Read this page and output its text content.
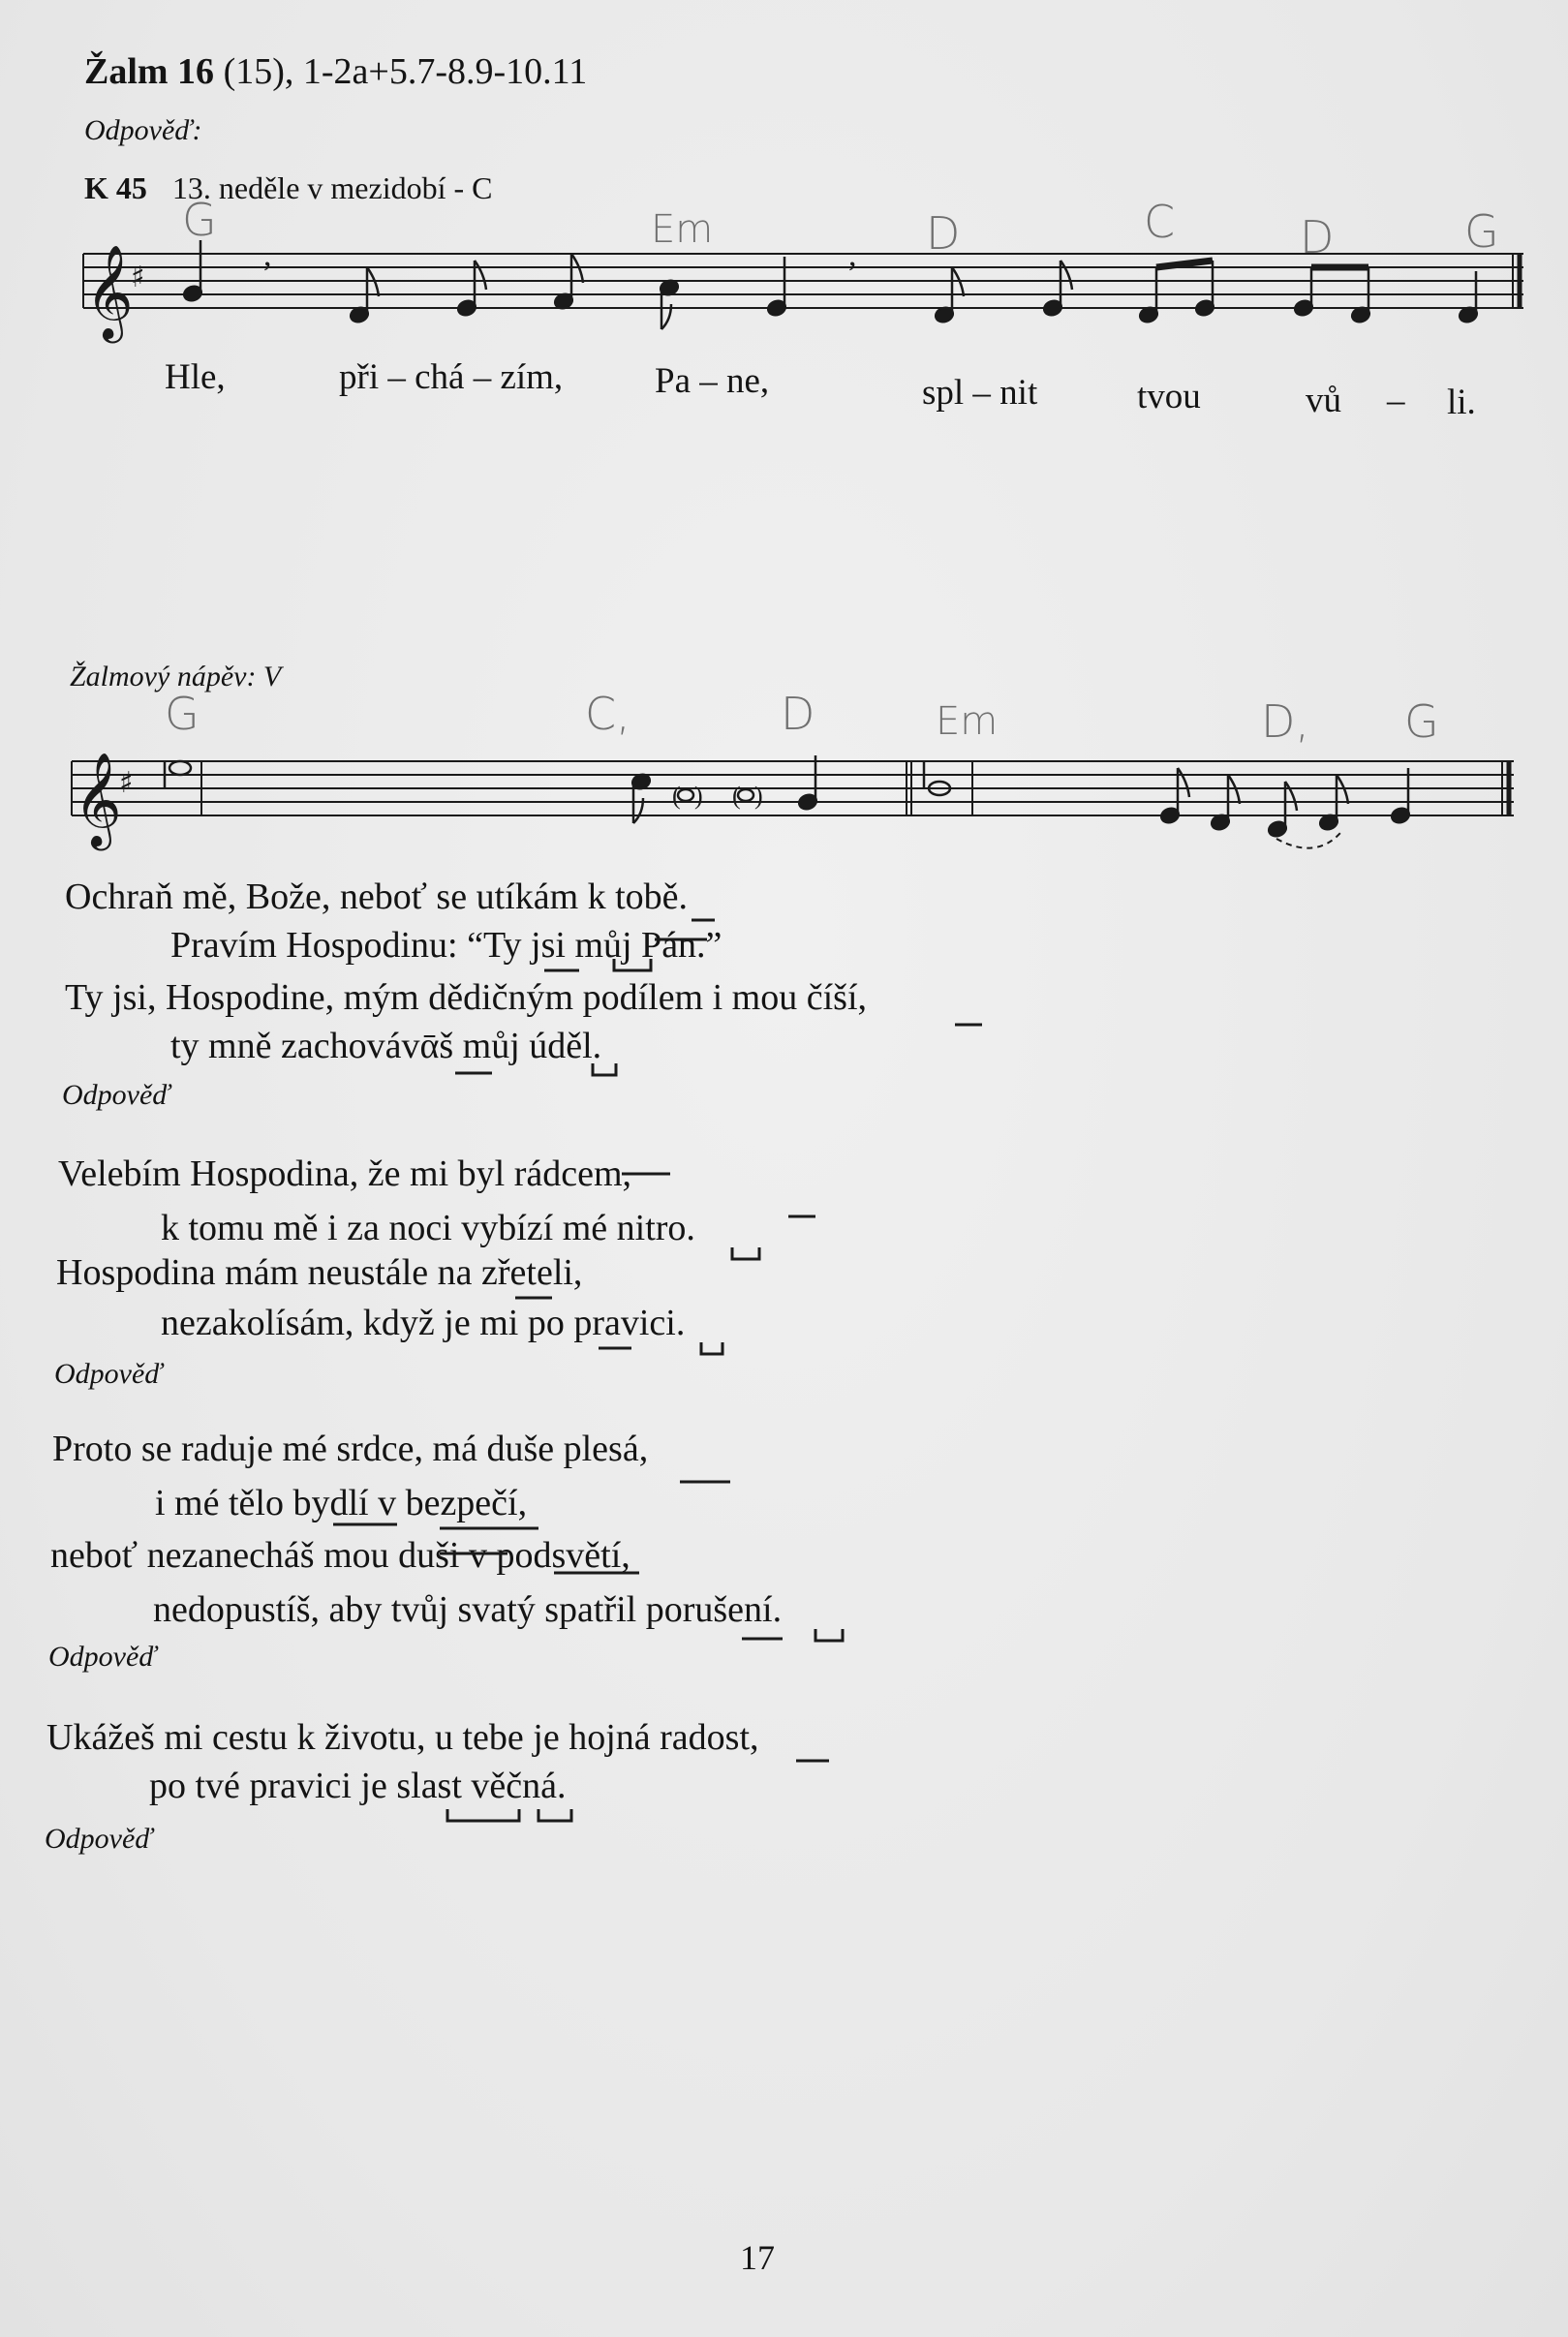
Žalm 16 (15), 1-2a+5.7-8.9-10.11
Odpověď:
K 45 13. neděle v mezidobí - C
G	Em	D	C	D	G
𝄞
♯
,	,
Hle,	při – chá – zím,	Pa – ne,	spl – nit	tvou	vů – li.
Žalmový nápěv: V
G	C,	D	Em	D, G
𝄞
♯	( ) ( )
Ochraň mě, Bože, neboť se utíkám k tobě.
Pravím Hospodinu: “Ty jsi můj Pán.”
Ty jsi, Hospodine, mým dědičným podílem i mou číší,
ty mně zachovávᾱš můj úděl.
Odpověď
Velebím Hospodina, že mi byl rádcem,
k tomu mě i za noci vybízí mé nitro.
Hospodina mám neustále na zřeteli,
nezakolísám, když je mi po pravici.
Odpověď
Proto se raduje mé srdce, má duše plesá,
i mé tělo bydlí v bezpečí,
neboť nezanecháš mou duši v podsvětí,
nedopustíš, aby tvůj svatý spatřil porušení.
Odpověď
Ukážeš mi cestu k životu, u tebe je hojná radost,
po tvé pravici je slast věčná.
Odpověď
17
